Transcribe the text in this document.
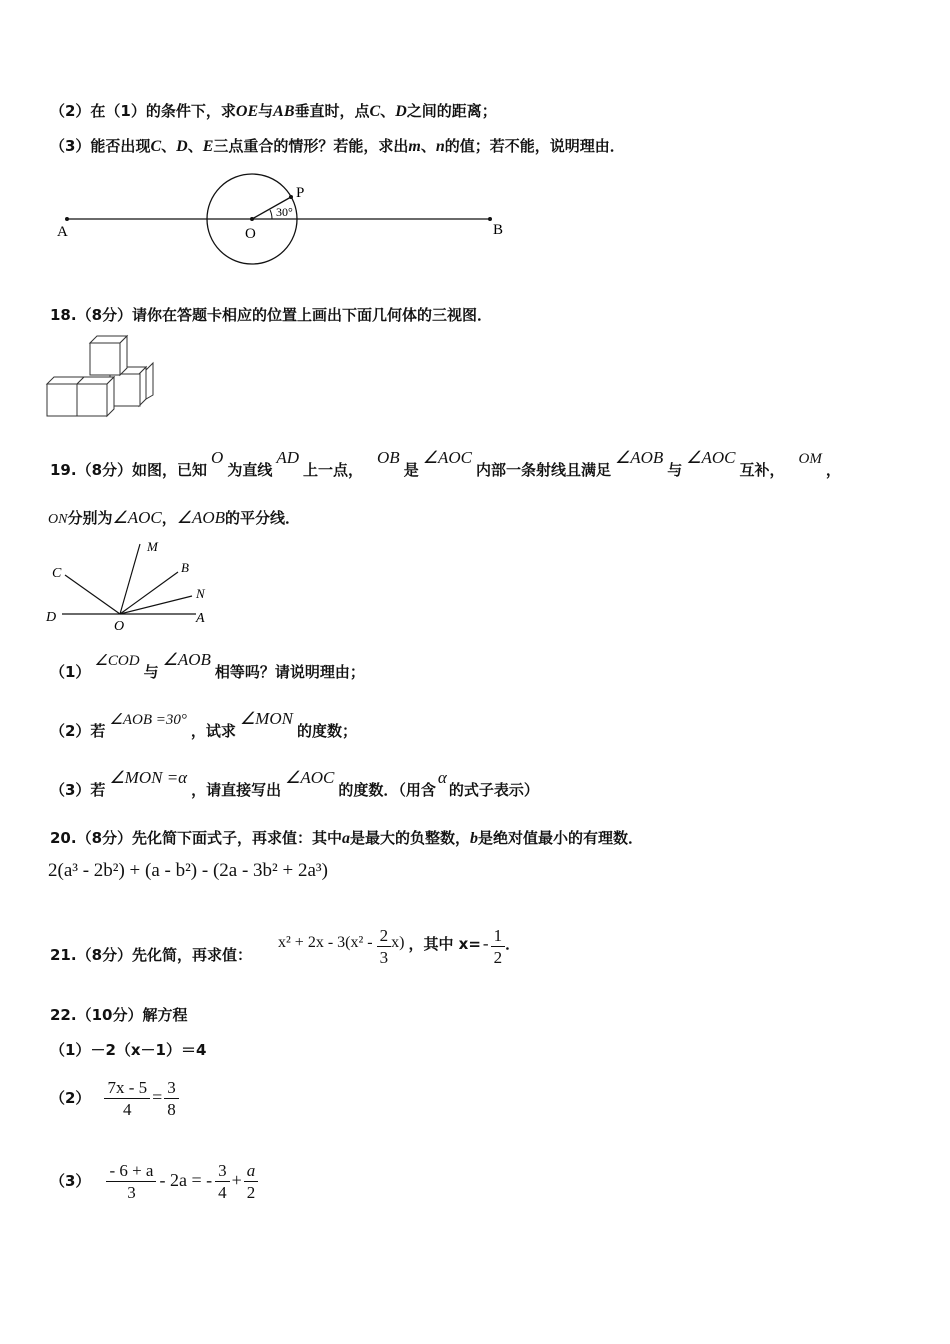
（2）在（1）的条件下，求OE与AB垂直时，点C、D之间的距离；
（3）能否出现C、D、E三点重合的情形？若能，求出m、n的值；若不能，说明理由．
A	B
O
P
30°
18.（8分）请你在答题卡相应的位置上画出下面几何体的三视图．
19.（8分）如图，已知O为直线AD上一点，OB是∠AOC内部一条射线且满足∠AOB与∠AOC互补，OM，
ON分别为∠AOC，∠AOB的平分线．
C
M
B
N
D
O
A
（1）∠COD与∠AOB相等吗？请说明理由；
（2）若∠AOB =30°，试求∠MON的度数；
（3）若∠MON =α，请直接写出∠AOC的度数．（用含α的式子表示）
20.（8分）先化简下面式子，再求值：其中a是最大的负整数，b是绝对值最小的有理数．
2(a³ - 2b²) + (a - b²) - (2a - 3b² + 2a³)
21.（8分）先化简，再求值：
$x^2 + 2x - 3(x^2 - \frac{2}{3} x)$ ，其中 $x= - \frac{1}{2}$ ．
22.（10分）解方程
（1）－2（x－1）＝4
$(2) \frac{7x - 5}{4} = \frac{3}{8}$
$(3) \frac{- 6 + a}{3} - 2a$ = - $\frac{3}{4} + \frac{a}{2}$
